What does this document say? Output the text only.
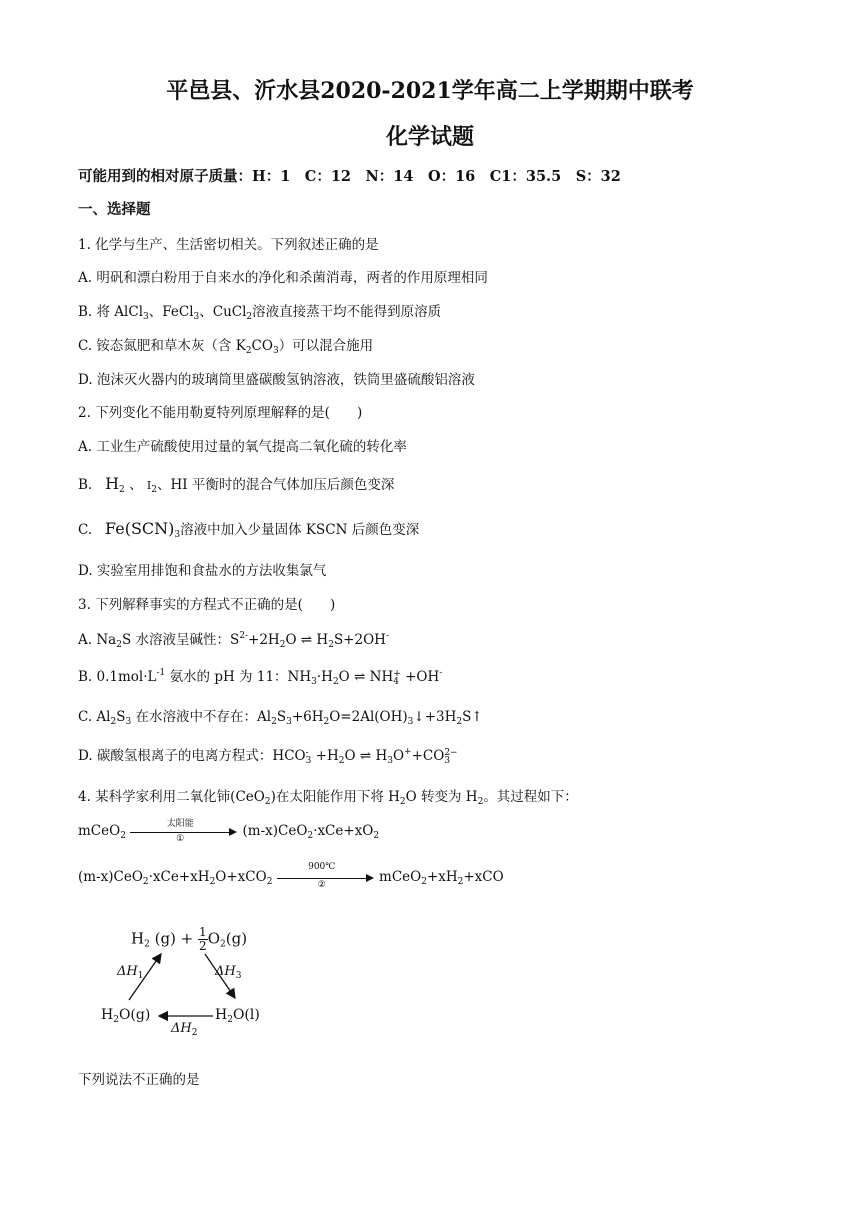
平邑县、沂水县2020-2021学年高二上学期期中联考
化学试题
可能用到的相对原子质量：H：1　C：12　N：14　O：16　C1：35.5　S：32
一、选择题
1. 化学与生产、生活密切相关。下列叙述正确的是
A. 明矾和漂白粉用于自来水的净化和杀菌消毒，两者的作用原理相同
B. 将 AlCl$_3$、FeCl$_3$、CuCl$_2$溶液直接蒸干均不能得到原溶质
C. 铵态氮肥和草木灰（含 $K_2CO_3$）可以混合施用
D. 泡沫灭火器内的玻璃筒里盛碳酸氢钠溶液，铁筒里盛硫酸铝溶液
2. 下列变化不能用勒夏特列原理解释的是(　　)
A. 工业生产硫酸使用过量的氧气提高二氧化硫的转化率
B. $H_2$ 、 $I_2$、HI 平衡时的混合气体加压后颜色变深
C. $Fe(SCN)_3$溶液中加入少量固体 KSCN 后颜色变深
D. 实验室用排饱和食盐水的方法收集氯气
3. 下列解释事实的方程式不正确的是(　　)
A. $Na_2S$ 水溶液呈碱性：$S^{2-}+2H_2O$ ⇌ $H_2S+2OH^-$
B. $0.1mol\cdot L^{-1}$ 氨水的 pH 为 11：$NH_3\cdot H_2O$ ⇌ NH+
4 +OH-
C. $Al_2S_3$ 在水溶液中不存在：$Al_2S_3+6H_2O=2Al(OH)_3↓+3H_2S↑$
D. 碳酸氢根离子的电离方程式：HCO-
$3 +H_2O$ ⇌ $H_3O^++CO2-$
3
4. 某科学家利用二氧化铈(CeO$_2$)在太阳能作用下将 $H_2O$ 转变为 $H_2$。其过程如下：
mCeO$_2$
太阳能
①	$(m-x)CeO_2\cdot xCe+xO_2$
$(m-x)CeO_2\cdot xCe+xH_2O+xCO_2$
900℃
②	$mCeO_2+xH_2+xCO$
$H_2$ $(g) + \frac{1}{2} O_2(g)$
$\Delta H_1$	$\Delta H_3$
$H_2O(g)$	$H_2O(l)$
$\Delta H_2$
下列说法不正确的是
